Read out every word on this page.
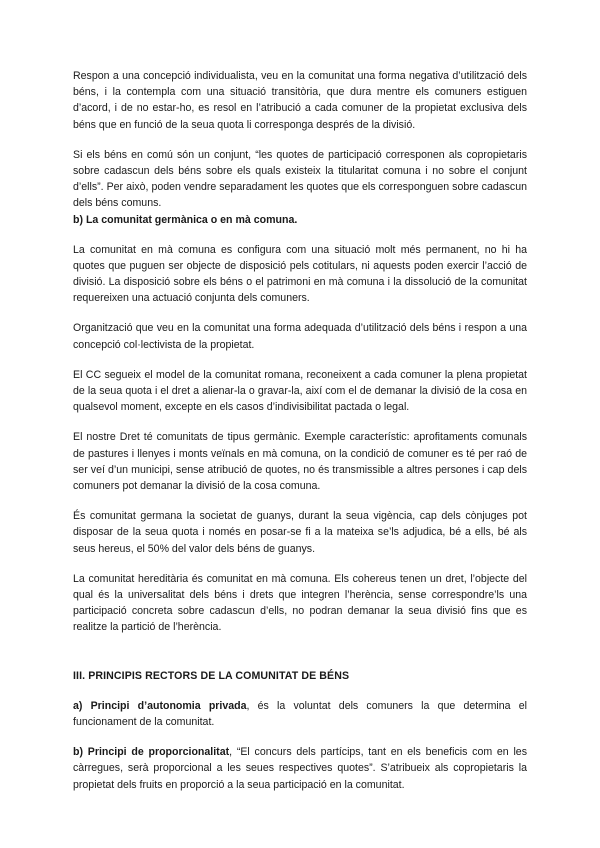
Respon a una concepció individualista, veu en la comunitat una forma negativa d’utilització dels béns, i la contempla com una situació transitòria, que dura mentre els comuners estiguen d’acord, i de no estar-ho, es resol en l’atribució a cada comuner de la propietat exclusiva dels béns que en funció de la seua quota li corresponga després de la divisió.

Si els béns en comú són un conjunt, “les quotes de participació corresponen als copropietaris sobre cadascun dels béns sobre els quals existeix la titularitat comuna i no sobre el conjunt d’ells”. Per això, poden vendre separadament les quotes que els corresponguen sobre cadascun dels béns comuns.

b) La comunitat germànica o en mà comuna.

La comunitat en mà comuna es configura com una situació molt més permanent, no hi ha quotes que puguen ser objecte de disposició pels cotitulars, ni aquests poden exercir l’acció de divisió. La disposició sobre els béns o el patrimoni en mà comuna i la dissolució de la comunitat requereixen una actuació conjunta dels comuners.

Organització que veu en la comunitat una forma adequada d’utilització dels béns i respon a una concepció col·lectivista de la propietat.

El CC segueix el model de la comunitat romana, reconeixent a cada comuner la plena propietat de la seua quota i el dret a alienar-la o gravar-la, així com el de demanar la divisió de la cosa en qualsevol moment, excepte en els casos d’indivisibilitat pactada o legal.

El nostre Dret té comunitats de tipus germànic. Exemple característic: aprofitaments comunals de pastures i llenyes i monts veïnals en mà comuna, on la condició de comuner es té per raó de ser veí d’un municipi, sense atribució de quotes, no és transmissible a altres persones i cap dels comuners pot demanar la divisió de la cosa comuna.

És comunitat germana la societat de guanys, durant la seua vigència, cap dels cònjuges pot disposar de la seua quota i només en posar-se fi a la mateixa se’ls adjudica, bé a ells, bé als seus hereus, el 50% del valor dels béns de guanys.

La comunitat hereditària és comunitat en mà comuna. Els cohereus tenen un dret, l’objecte del qual és la universalitat dels béns i drets que integren l’herència, sense correspondre’ls una participació concreta sobre cadascun d’ells, no podran demanar la seua divisió fins que es realitze la partició de l’herència.

III. PRINCIPIS RECTORS DE LA COMUNITAT DE BÉNS

a) Principi d’autonomia privada, és la voluntat dels comuners la que determina el funcionament de la comunitat.

b) Principi de proporcionalitat, “El concurs dels partícips, tant en els beneficis com en les càrregues, serà proporcional a les seues respectives quotes”. S’atribueix als copropietaris la propietat dels fruits en proporció a la seua participació en la comunitat.
